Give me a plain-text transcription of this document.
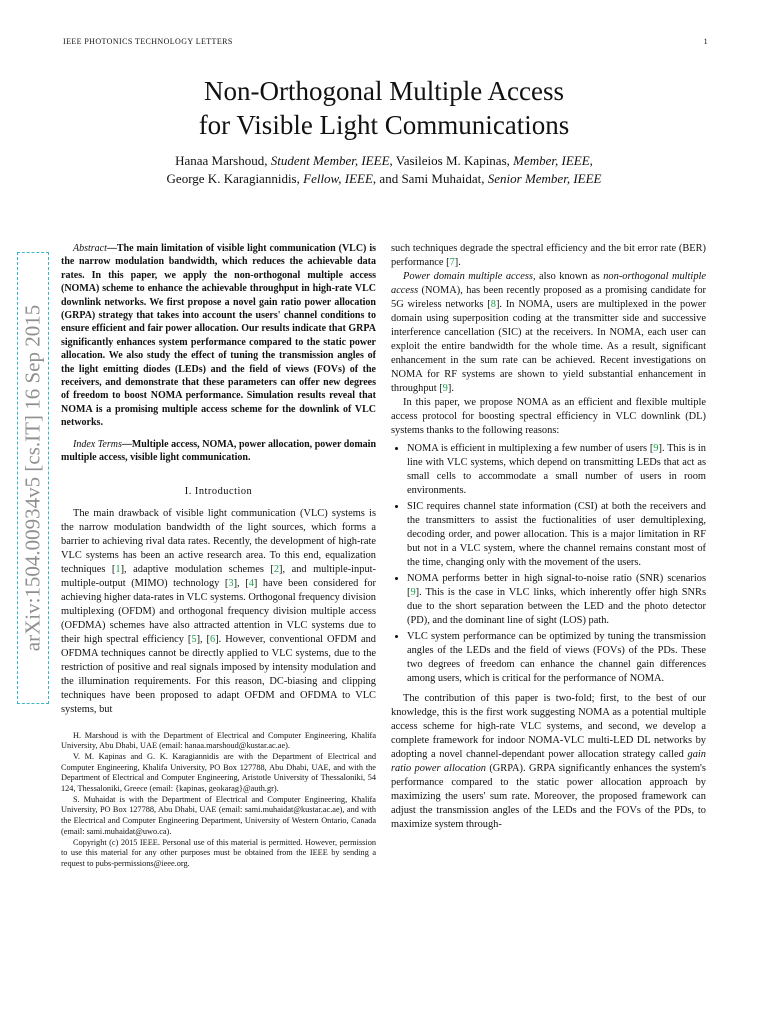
IEEE PHOTONICS TECHNOLOGY LETTERS	1
Non-Orthogonal Multiple Access
for Visible Light Communications
Hanaa Marshoud, Student Member, IEEE, Vasileios M. Kapinas, Member, IEEE,
George K. Karagiannidis, Fellow, IEEE, and Sami Muhaidat, Senior Member, IEEE
arXiv:1504.00934v5 [cs.IT] 16 Sep 2015

Abstract—The main limitation of visible light communication (VLC) is the narrow modulation bandwidth, which reduces the achievable data rates. In this paper, we apply the non-orthogonal multiple access (NOMA) scheme to enhance the achievable throughput in high-rate VLC downlink networks. We first propose a novel gain ratio power allocation (GRPA) strategy that takes into account the users' channel conditions to ensure efficient and fair power allocation. Our results indicate that GRPA significantly enhances system performance compared to the static power allocation. We also study the effect of tuning the transmission angles of the light emitting diodes (LEDs) and the field of views (FOVs) of the receivers, and demonstrate that these parameters can offer new degrees of freedom to boost NOMA performance. Simulation results reveal that NOMA is a promising multiple access scheme for the downlink of VLC networks.

Index Terms—Multiple access, NOMA, power allocation, power domain multiple access, visible light communication.

I. Introduction

The main drawback of visible light communication (VLC) systems is the narrow modulation bandwidth of the light sources, which forms a barrier to achieving rival data rates. Recently, the development of high-rate VLC systems has been an active research area. To this end, equalization techniques [1], adaptive modulation schemes [2], and multiple-input-multiple-output (MIMO) technology [3], [4] have been considered for achieving higher data-rates in VLC systems. Orthogonal frequency division multiplexing (OFDM) and orthogonal frequency division multiple access (OFDMA) schemes have also attracted attention in VLC systems due to their high spectral efficiency [5], [6]. However, conventional OFDM and OFDMA techniques cannot be directly applied to VLC systems, due to the restriction of positive and real signals imposed by intensity modulation and the illumination requirements. For this reason, DC-biasing and clipping techniques have been proposed to adapt OFDM and OFDMA to VLC systems, but

H. Marshoud is with the Department of Electrical and Computer Engineering, Khalifa University, Abu Dhabi, UAE (email: hanaa.marshoud@kustar.ac.ae).

V. M. Kapinas and G. K. Karagiannidis are with the Department of Electrical and Computer Engineering, Khalifa University, PO Box 127788, Abu Dhabi, UAE, and with the Department of Electrical and Computer Engineering, Aristotle University of Thessaloniki, 54 124, Thessaloniki, Greece (email: {kapinas, geokarag}@auth.gr).

S. Muhaidat is with the Department of Electrical and Computer Engineering, Khalifa University, PO Box 127788, Abu Dhabi, UAE (email: sami.muhaidat@kustar.ac.ae), and with the Electrical and Computer Engineering Department, University of Western Ontario, Canada (email: sami.muhaidat@uwo.ca).

Copyright (c) 2015 IEEE. Personal use of this material is permitted. However, permission to use this material for any other purposes must be obtained from the IEEE by sending a request to pubs-permissions@ieee.org.

such techniques degrade the spectral efficiency and the bit error rate (BER) performance [7].

Power domain multiple access, also known as non-orthogonal multiple access (NOMA), has been recently proposed as a promising candidate for 5G wireless networks [8]. In NOMA, users are multiplexed in the power domain using superposition coding at the transmitter side and successive interference cancellation (SIC) at the receivers. In NOMA, each user can exploit the entire bandwidth for the whole time. As a result, significant enhancement in the sum rate can be achieved. Recent investigations on NOMA for RF systems are shown to yield substantial enhancement in throughput [9].

In this paper, we propose NOMA as an efficient and flexible multiple access protocol for boosting spectral efficiency in VLC downlink (DL) systems thanks to the following reasons:

• NOMA is efficient in multiplexing a few number of users [9]. This is in line with VLC systems, which depend on transmitting LEDs that act as small cells to accommodate a small number of users in room environments.
• SIC requires channel state information (CSI) at both the receivers and the transmitters to assist the fuctionalities of user demultiplexing, decoding order, and power allocation. This is a major limitation in RF but not in a VLC system, where the channel remains constant most of the time, changing only with the movement of the users.
• NOMA performs better in high signal-to-noise ratio (SNR) scenarios [9]. This is the case in VLC links, which inherently offer high SNRs due to the short separation between the LED and the photo detector (PD), and the dominant line of sight (LOS) path.
• VLC system performance can be optimized by tuning the transmission angles of the LEDs and the field of views (FOVs) of the PDs. These two degrees of freedom can enhance the channel gain differences among users, which is critical for the performance of NOMA.

The contribution of this paper is two-fold; first, to the best of our knowledge, this is the first work suggesting NOMA as a potential multiple access scheme for high-rate VLC systems, and second, we develop a complete framework for indoor NOMA-VLC multi-LED DL networks by adopting a novel channel-dependant power allocation strategy called gain ratio power allocation (GRPA). GRPA significantly enhances the system's performance compared to the static power allocation approach by maximizing the users' sum rate. Moreover, the proposed framework can adjust the transmission angles of the LEDs and the FOVs of the PDs, to maximize system through-
